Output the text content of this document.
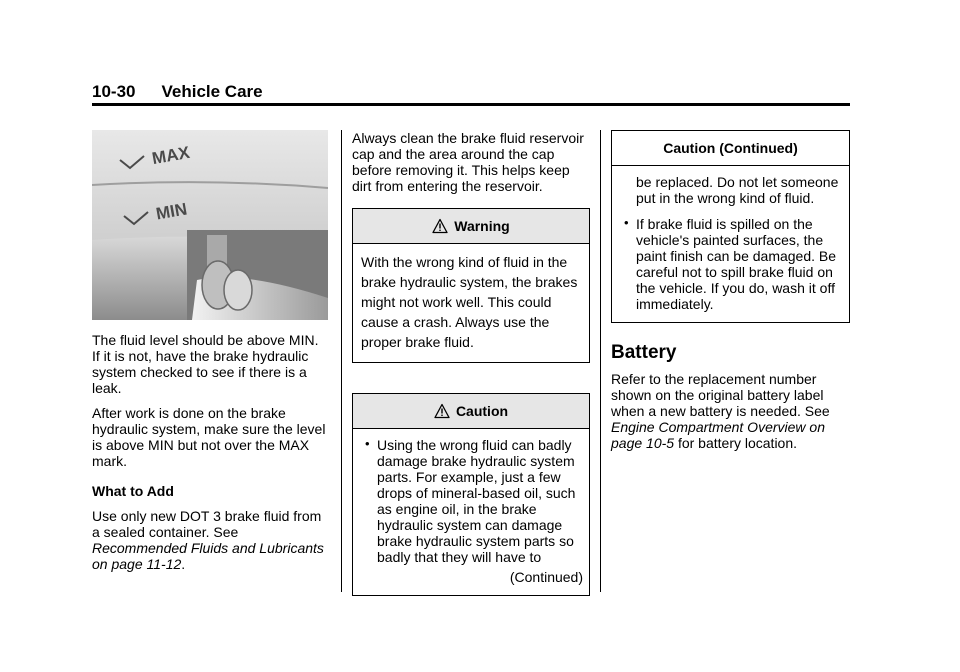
10-30 Vehicle Care
MAX
MIN

The fluid level should be above MIN. If it is not, have the brake hydraulic system checked to see if there is a leak.

After work is done on the brake hydraulic system, make sure the level is above MIN but not over the MAX mark.

What to Add

Use only new DOT 3 brake fluid from a sealed container. See Recommended Fluids and Lubricants on page 11-12.

Always clean the brake fluid reservoir cap and the area around the cap before removing it. This helps keep dirt from entering the reservoir.

Warning
With the wrong kind of fluid in the brake hydraulic system, the brakes might not work well. This could cause a crash. Always use the proper brake fluid.
Caution
• Using the wrong fluid can badly damage brake hydraulic system parts. For example, just a few drops of mineral-based oil, such as engine oil, in the brake hydraulic system can damage brake hydraulic system parts so badly that they will have to
(Continued)
Caution (Continued)
be replaced. Do not let someone put in the wrong kind of fluid.
• If brake fluid is spilled on the vehicle's painted surfaces, the paint finish can be damaged. Be careful not to spill brake fluid on the vehicle. If you do, wash it off immediately.
Battery

Refer to the replacement number shown on the original battery label when a new battery is needed. See Engine Compartment Overview on page 10-5 for battery location.
